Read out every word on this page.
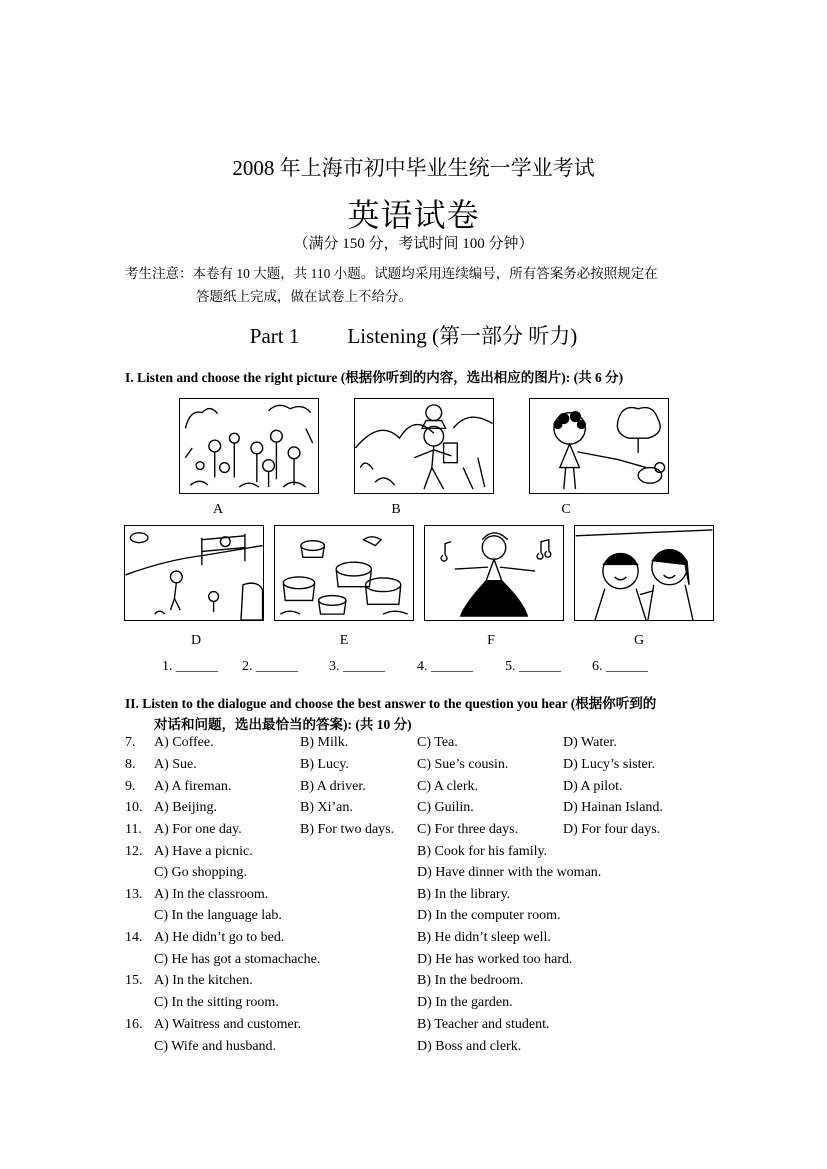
2008 年上海市初中毕业生统一学业考试
英语试卷
（满分 150 分，考试时间 100 分钟）
考生注意：本卷有 10 大题，共 110 小题。试题均采用连续编号，所有答案务必按照规定在
答题纸上完成，做在试卷上不给分。
Part 1 Listening (第一部分 听力)
I. Listen and choose the right picture (根据你听到的内容，选出相应的图片): (共 6 分)
A	B	C
D	E	F	G
1. ______ 2. ______ 3. ______ 4. ______ 5. ______ 6. ______
II. Listen to the dialogue and choose the best answer to the question you hear (根据你听到的
对话和问题，选出最恰当的答案): (共 10 分)
7. A) Coffee.	B) Milk.	C) Tea.	D) Water.
8. A) Sue.	B) Lucy.	C) Sue’s cousin.	D) Lucy’s sister.
9. A) A fireman.	B) A driver.	C) A clerk.	D) A pilot.
10. A) Beijing.	B) Xi’an.	C) Guilin.	D) Hainan Island.
11. A) For one day.	B) For two days. C) For three days.	D) For four days.
12. A) Have a picnic.	B) Cook for his family.
C) Go shopping.	D) Have dinner with the woman.
13. A) In the classroom.	B) In the library.
C) In the language lab.	D) In the computer room.
14. A) He didn’t go to bed.	B) He didn’t sleep well.
C) He has got a stomachache.	D) He has worked too hard.
15. A) In the kitchen.	B) In the bedroom.
C) In the sitting room.	D) In the garden.
16. A) Waitress and customer.	B) Teacher and student.
C) Wife and husband.	D) Boss and clerk.
